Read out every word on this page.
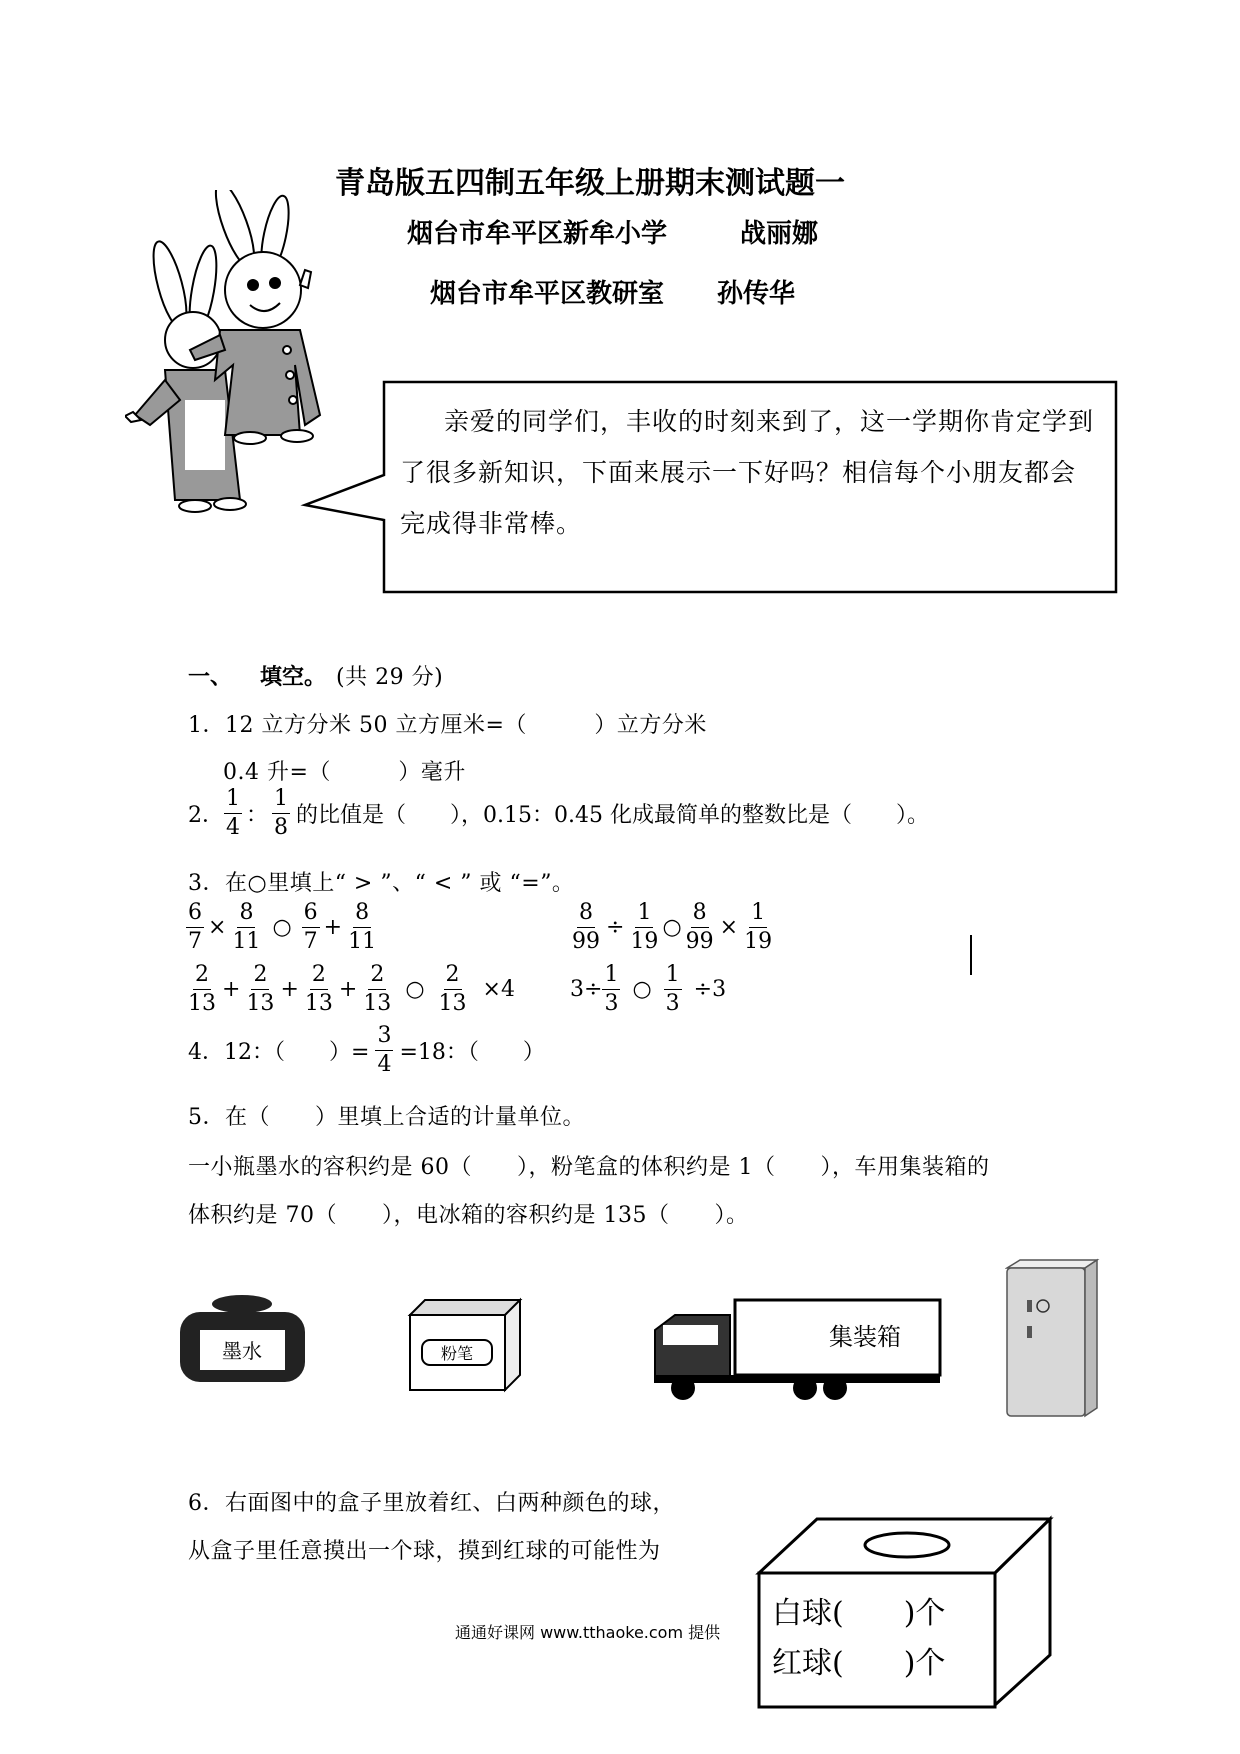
青岛版五四制五年级上册期末测试题一
烟台市牟平区新牟小学	战丽娜
烟台市牟平区教研室 孙传华
亲爱的同学们，丰收的时刻来到了，这一学期你肯定学到了很多新知识，下面来展示一下好吗？相信每个小朋友都会完成得非常棒。
一、 填空。 (共 29 分)
1．12 立方分米 50 立方厘米=（　　　）立方分米
0.4 升=（　　　）毫升
2． $\frac{1}{4}$ ： $\frac{1}{8}$ 的比值是（　　），0.15：0.45 化成最简单的整数比是（　　）。
3．在○里填上“ > ”、“ < ” 或 “=”。
$\frac{6}{7} \times \frac{8}{11}$ ○ $\frac{6}{7} + \frac{8}{11}$	$\frac{8}{99} \div \frac{1}{19}$ ○ $\frac{8}{99} \times \frac{1}{19}$
$\frac{2}{13} + \frac{2}{13} + \frac{2}{13} + \frac{2}{13}$ ○ $\frac{2}{13} \times 4$	$3\div \frac{1}{3}$ ○ $\frac{1}{3} \div 3$
4．12：（　　）= $\frac{3}{4} =18$：（　　）
5．在（　　）里填上合适的计量单位。
一小瓶墨水的容积约是 60（　　），粉笔盒的体积约是 1（　　），车用集装箱的
体积约是 70（　　），电冰箱的容积约是 135（　　）。
墨水	粉笔
集装箱
6．右面图中的盒子里放着红、白两种颜色的球，
从盒子里任意摸出一个球，摸到红球的可能性为
白球(　　)个
红球(　　)个
通通好课网 www.tthaoke.com 提供
